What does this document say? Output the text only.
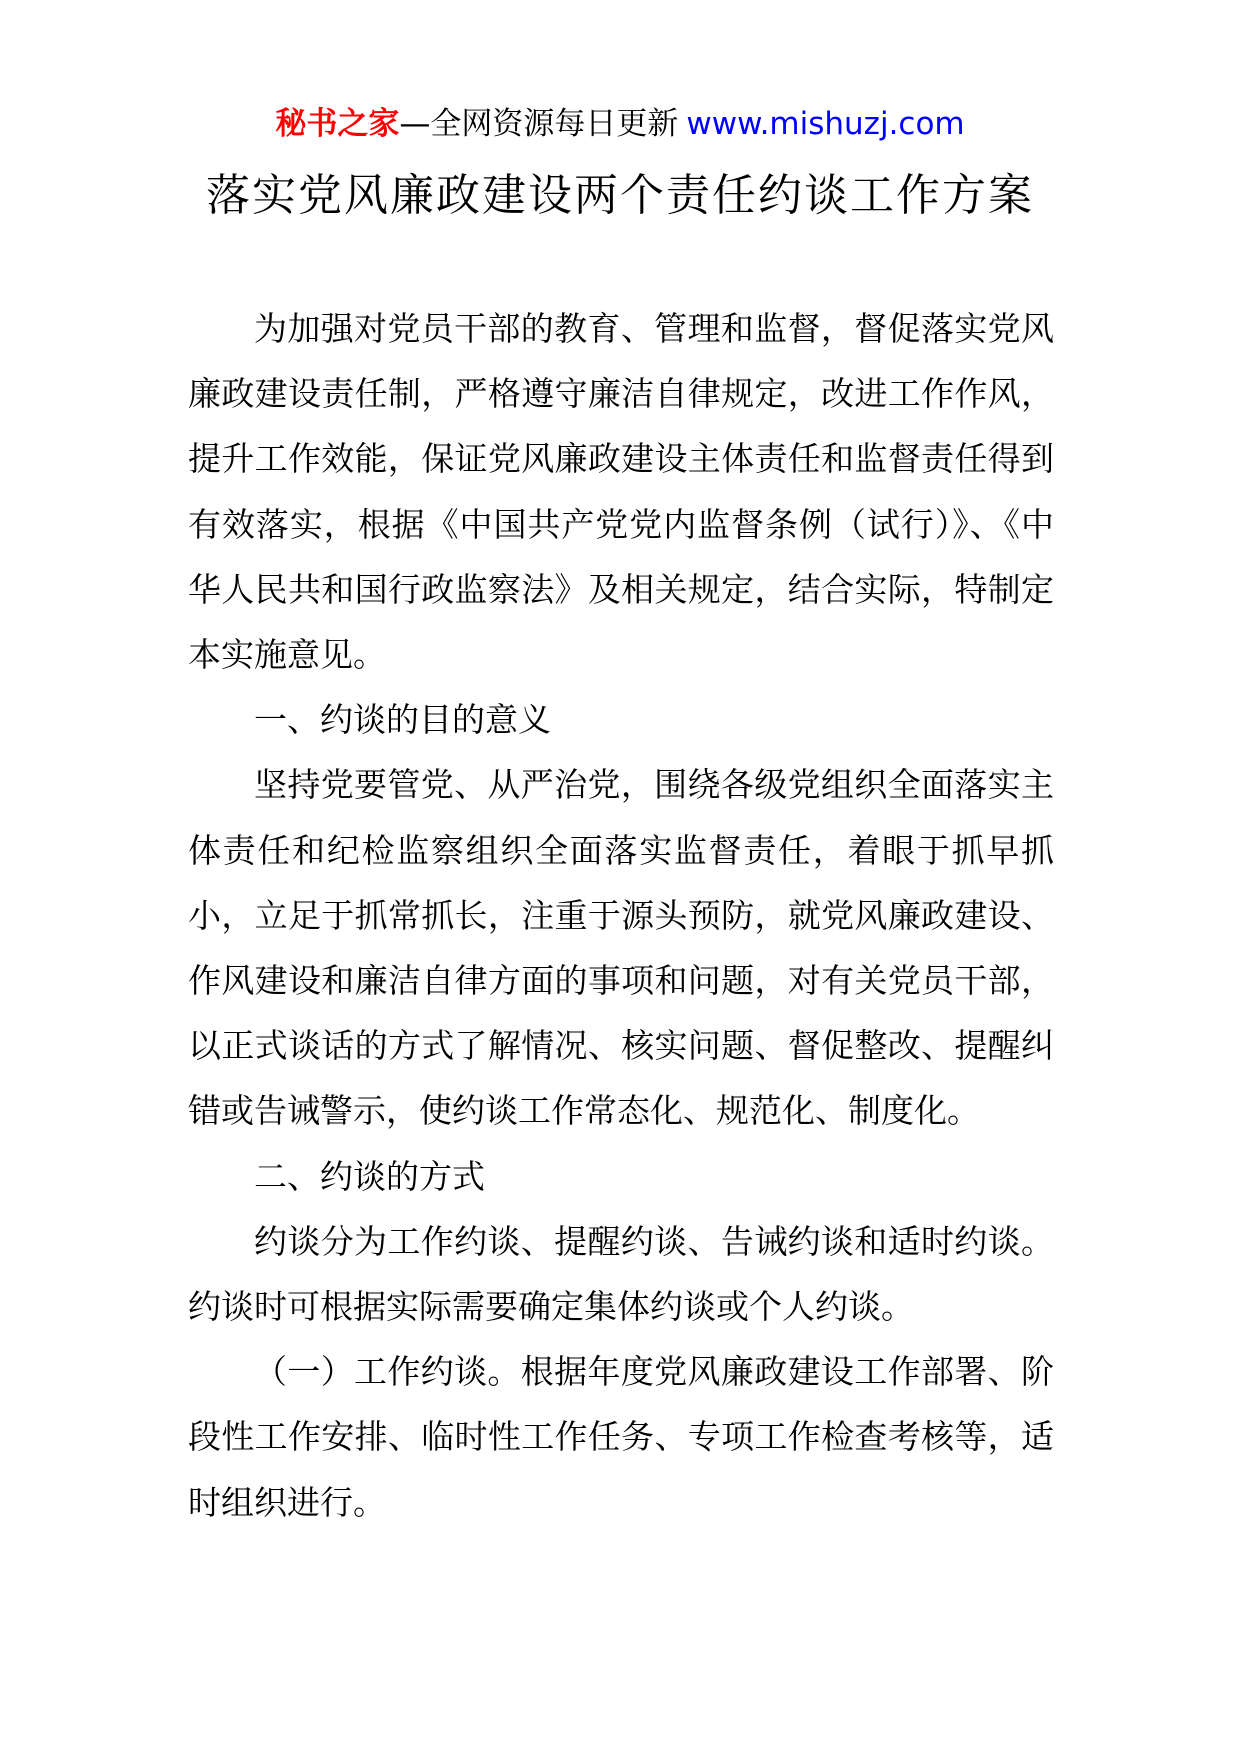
秘书之家—全网资源每日更新 www.mishuzj.com
落实党风廉政建设两个责任约谈工作方案

为加强对党员干部的教育、管理和监督，督促落实党风廉政建设责任制，严格遵守廉洁自律规定，改进工作作风，提升工作效能，保证党风廉政建设主体责任和监督责任得到有效落实，根据《中国共产党党内监督条例（试行）》、《中华人民共和国行政监察法》及相关规定，结合实际，特制定本实施意见。

一、约谈的目的意义

坚持党要管党、从严治党，围绕各级党组织全面落实主体责任和纪检监察组织全面落实监督责任，着眼于抓早抓小，立足于抓常抓长，注重于源头预防，就党风廉政建设、作风建设和廉洁自律方面的事项和问题，对有关党员干部，以正式谈话的方式了解情况、核实问题、督促整改、提醒纠错或告诫警示，使约谈工作常态化、规范化、制度化。

二、约谈的方式

约谈分为工作约谈、提醒约谈、告诫约谈和适时约谈。约谈时可根据实际需要确定集体约谈或个人约谈。

（一）工作约谈。根据年度党风廉政建设工作部署、阶段性工作安排、临时性工作任务、专项工作检查考核等，适时组织进行。
